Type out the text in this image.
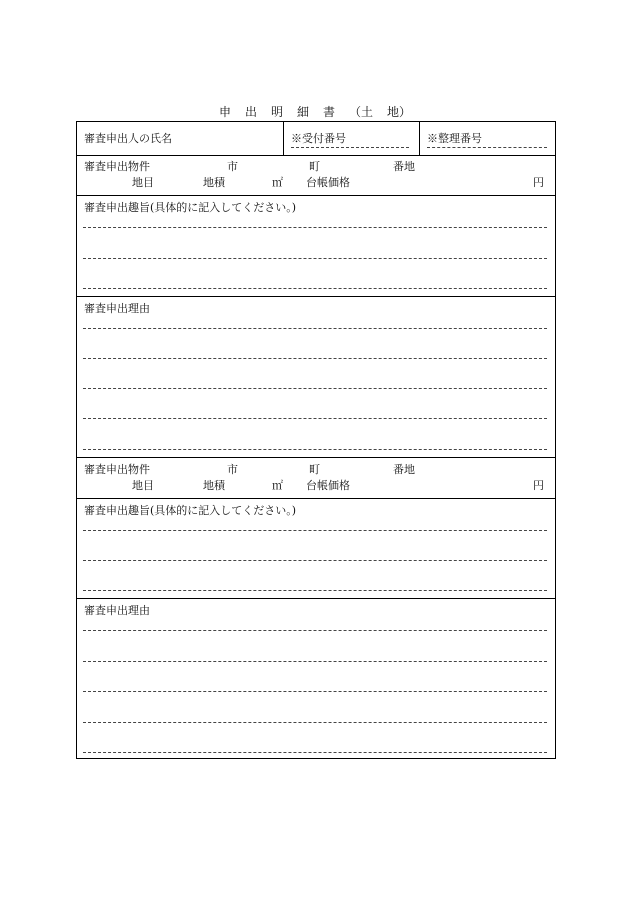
申 出 明 細 書 （土 地）
審査申出人の氏名	※受付番号	※整理番号
審査申出物件	市	町	番地
地目	地積	㎡ 台帳価格	円
審査申出趣旨(具体的に記入してください。)
審査申出理由
審査申出物件	市	町	番地
地目	地積	㎡ 台帳価格	円
審査申出趣旨(具体的に記入してください。)
審査申出理由
